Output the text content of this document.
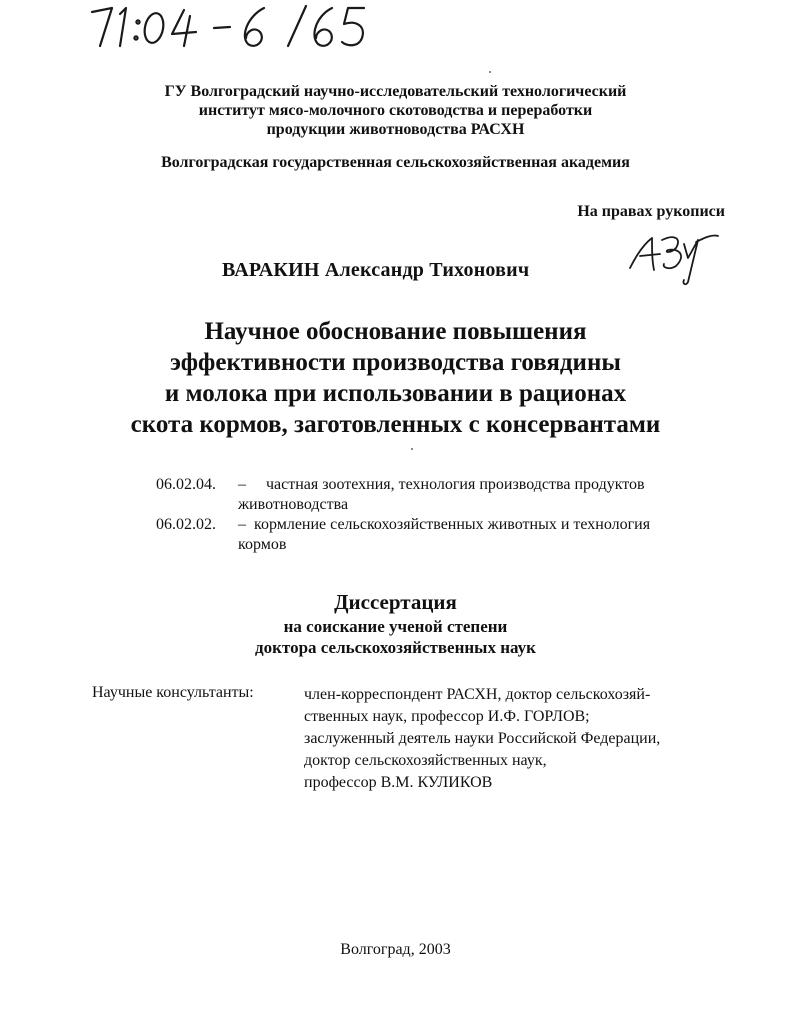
ГУ Волгоградский научно-исследовательский технологический
институт мясо-молочного скотоводства и переработки
продукции животноводства РАСХН
Волгоградская государственная сельскохозяйственная академия
На правах рукописи
ВАРАКИН Александр Тихонович
Научное обоснование повышения
эффективности производства говядины
и молока при использовании в рационах
скота кормов, заготовленных с консервантами
06.02.04. – частная зоотехния, технология производства продуктов
животноводства
06.02.02. – кормление сельскохозяйственных животных и технология
кормов
Диссертация
на соискание ученой степени
доктора сельскохозяйственных наук
Научные консультанты:	член-корреспондент РАСХН, доктор сельскохозяй-
ственных наук, профессор И.Ф. ГОРЛОВ;
заслуженный деятель науки Российской Федерации,
доктор сельскохозяйственных наук,
профессор В.М. КУЛИКОВ
Волгоград, 2003
